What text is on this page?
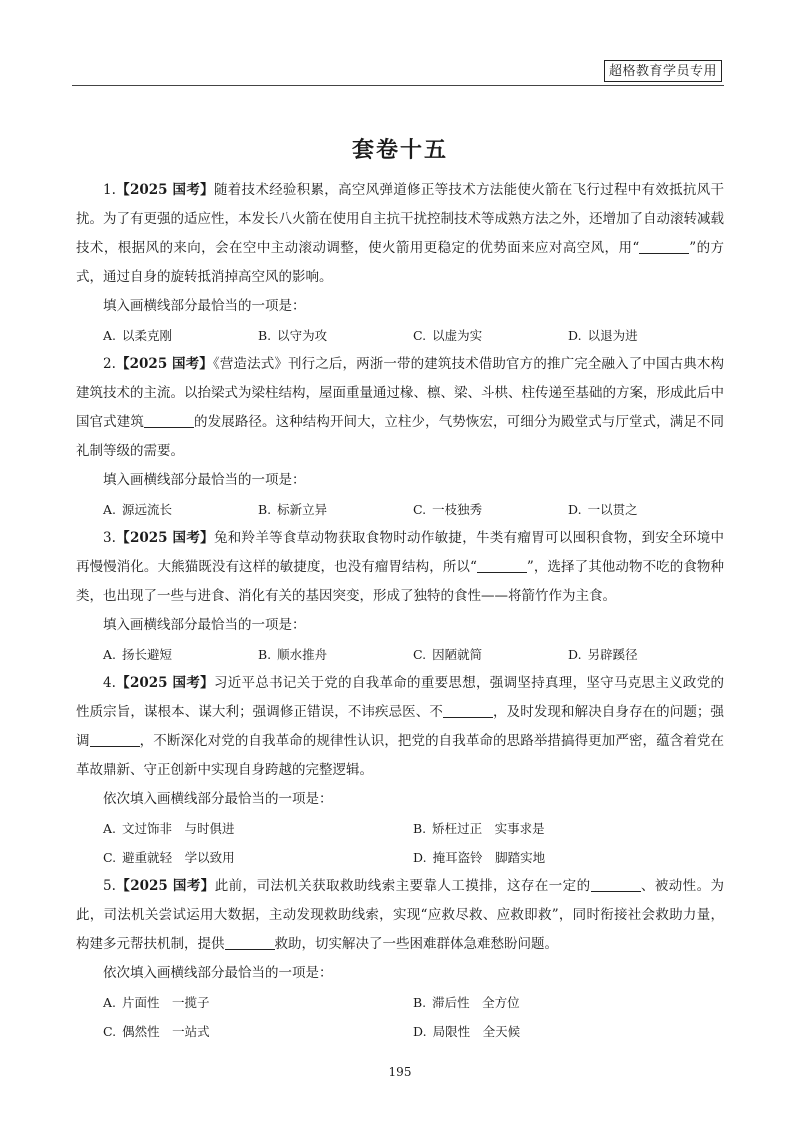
超格教育学员专用
套卷十五

1.【2025 国考】随着技术经验积累，高空风弹道修正等技术方法能使火箭在飞行过程中有效抵抗风干扰。为了有更强的适应性，本发长八火箭在使用自主抗干扰控制技术等成熟方法之外，还增加了自动滚转减载技术，根据风的来向，会在空中主动滚动调整，使火箭用更稳定的优势面来应对高空风，用“	”的方式，通过自身的旋转抵消掉高空风的影响。

填入画横线部分最恰当的一项是：

A. 以柔克刚	B. 以守为攻	C. 以虚为实	D. 以退为进

2.【2025 国考】《营造法式》刊行之后，两浙一带的建筑技术借助官方的推广完全融入了中国古典木构建筑技术的主流。以抬梁式为梁柱结构，屋面重量通过椽、檩、梁、斗栱、柱传递至基础的方案，形成此后中国官式建筑	的发展路径。这种结构开间大，立柱少，气势恢宏，可细分为殿堂式与厅堂式，满足不同礼制等级的需要。

填入画横线部分最恰当的一项是：

A. 源远流长	B. 标新立异	C. 一枝独秀	D. 一以贯之

3.【2025 国考】兔和羚羊等食草动物获取食物时动作敏捷，牛类有瘤胃可以囤积食物，到安全环境中再慢慢消化。大熊猫既没有这样的敏捷度，也没有瘤胃结构，所以“	”，选择了其他动物不吃的食物种类，也出现了一些与进食、消化有关的基因突变，形成了独特的食性——将箭竹作为主食。

填入画横线部分最恰当的一项是：

A. 扬长避短	B. 顺水推舟	C. 因陋就简	D. 另辟蹊径

4.【2025 国考】习近平总书记关于党的自我革命的重要思想，强调坚持真理，坚守马克思主义政党的性质宗旨，谋根本、谋大利；强调修正错误，不讳疾忌医、不	，及时发现和解决自身存在的问题；强调	，不断深化对党的自我革命的规律性认识，把党的自我革命的思路举措搞得更加严密，蕴含着党在革故鼎新、守正创新中实现自身跨越的完整逻辑。

依次填入画横线部分最恰当的一项是：

A. 文过饰非　与时俱进	B. 矫枉过正　实事求是
C. 避重就轻　学以致用	D. 掩耳盗铃　脚踏实地

5.【2025 国考】此前，司法机关获取救助线索主要靠人工摸排，这存在一定的	、被动性。为此，司法机关尝试运用大数据，主动发现救助线索，实现“应救尽救、应救即救”，同时衔接社会救助力量，构建多元帮扶机制，提供	救助，切实解决了一些困难群体急难愁盼问题。

依次填入画横线部分最恰当的一项是：

A. 片面性　一揽子	B. 滞后性　全方位
C. 偶然性　一站式	D. 局限性　全天候
195
